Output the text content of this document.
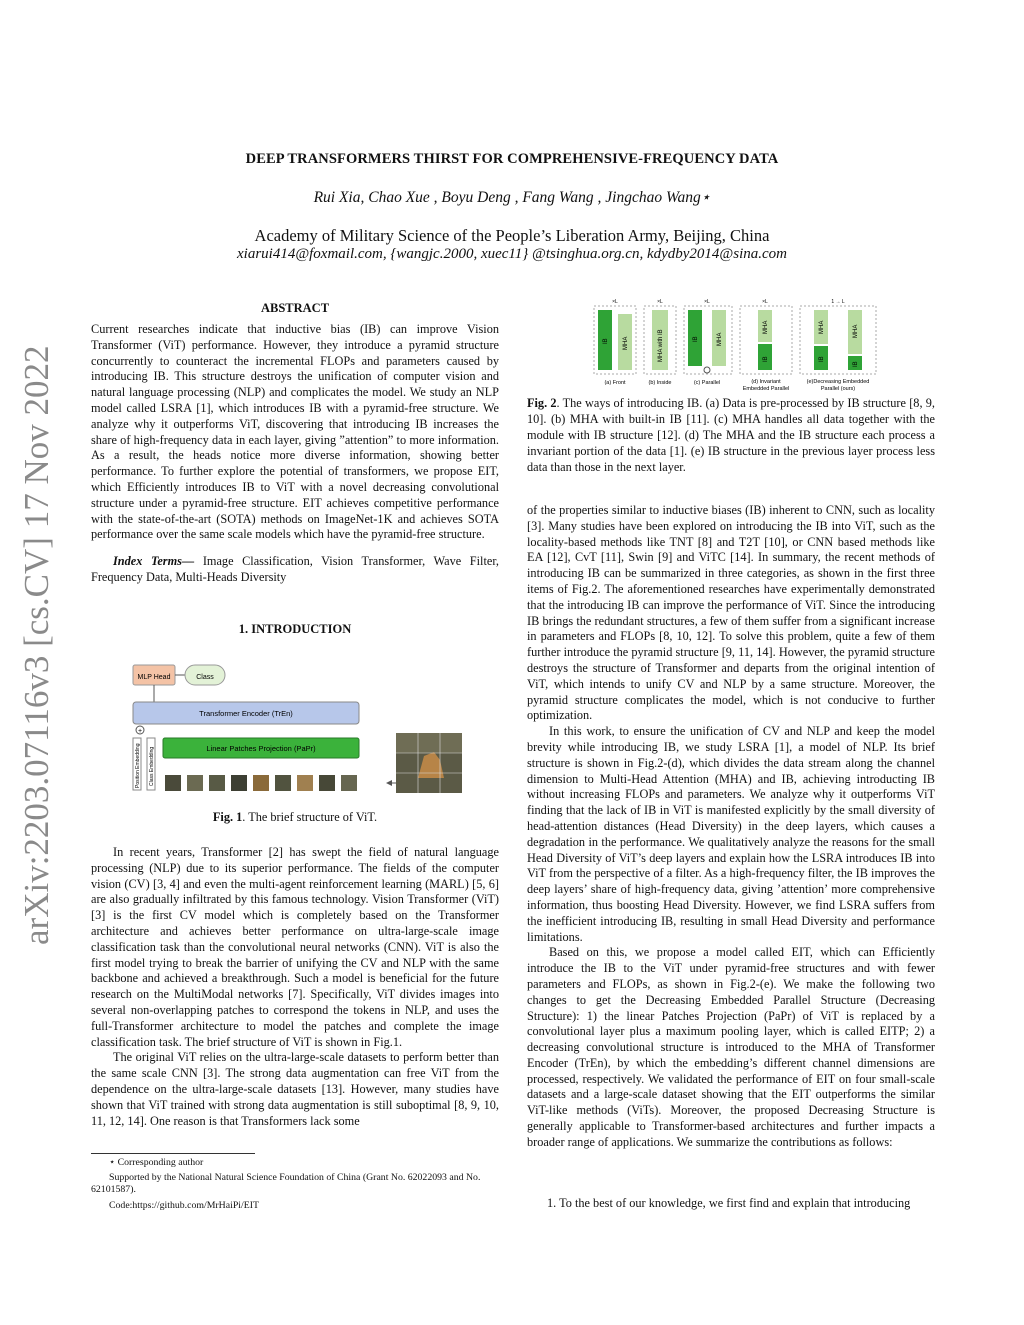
arXiv:2203.07116v3 [cs.CV] 17 Nov 2022
DEEP TRANSFORMERS THIRST FOR COMPREHENSIVE-FREQUENCY DATA
Rui Xia, Chao Xue , Boyu Deng , Fang Wang , Jingchao Wang⋆
Academy of Military Science of the People’s Liberation Army, Beijing, China
xiarui414@foxmail.com, {wangjc.2000, xuec11} @tsinghua.org.cn, kdydby2014@sina.com
ABSTRACT

Current researches indicate that inductive bias (IB) can improve Vision Transformer (ViT) performance. However, they introduce a pyramid structure concurrently to counteract the incremental FLOPs and parameters caused by introducing IB. This structure destroys the unification of computer vision and natural language processing (NLP) and complicates the model. We study an NLP model called LSRA [1], which introduces IB with a pyramid-free structure. We analyze why it outperforms ViT, discovering that introducing IB increases the share of high-frequency data in each layer, giving ”attention” to more information. As a result, the heads notice more diverse information, showing better performance. To further explore the potential of transformers, we propose EIT, which Efficiently introduces IB to ViT with a novel decreasing convolutional structure under a pyramid-free structure. EIT achieves competitive performance with the state-of-the-art (SOTA) methods on ImageNet-1K and achieves SOTA performance over the same scale models which have the pyramid-free structure.

Index Terms— Image Classification, Vision Transformer, Wave Filter, Frequency Data, Multi-Heads Diversity

1. INTRODUCTION
MLP Head	Class
Transformer Encoder (TrEn)
+
Position Embedding Class Embedding	Linear Patches Projection (PaPr)
Fig. 1. The brief structure of ViT.

In recent years, Transformer [2] has swept the field of natural language processing (NLP) due to its superior performance. The fields of the computer vision (CV) [3, 4] and even the multi-agent reinforcement learning (MARL) [5, 6] are also gradually infiltrated by this famous technology. Vision Transformer (ViT) [3] is the first CV model which is completely based on the Transformer architecture and achieves better performance on ultra-large-scale image classification task than the convolutional neural networks (CNN). ViT is also the first model trying to break the barrier of unifying the CV and NLP with the same backbone and achieved a breakthrough. Such a model is beneficial for the future research on the MultiModal networks [7]. Specifically, ViT divides images into several non-overlapping patches to correspond the tokens in NLP, and uses the full-Transformer architecture to model the patches and complete the image classification task. The brief structure of ViT is shown in Fig.1.

The original ViT relies on the ultra-large-scale datasets to perform better than the same scale CNN [3]. The strong data augmentation can free ViT from the dependence on the ultra-large-scale datasets [13]. However, many studies have shown that ViT trained with strong data augmentation is still suboptimal [8, 9, 10, 11, 12, 14]. One reason is that Transformers lack some

⋆ Corresponding author
Supported by the National Natural Science Foundation of China (Grant No. 62022093 and No. 62101587).
Code:https://github.com/MrHaiPi/EIT
×L	×L	×L	×L	1 → L
IB MHA	MHA with IB	IB	MHA
MHA
IB
MHA
IB
MHA
IB
(a) Front	(b) Inside	(c) Parallel	(d) Invariant
Embedded Parallel
(e)Decreasing Embedded
Parallel (ours)
Fig. 2. The ways of introducing IB. (a) Data is pre-processed by IB structure [8, 9, 10]. (b) MHA with built-in IB [11]. (c) MHA handles all data together with the module with IB structure [12]. (d) The MHA and the IB structure each process a invariant portion of the data [1]. (e) IB structure in the previous layer process less data than those in the next layer.

of the properties similar to inductive biases (IB) inherent to CNN, such as locality [3]. Many studies have been explored on introducing the IB into ViT, such as the locality-based methods like TNT [8] and T2T [10], or CNN based methods like EA [12], CvT [11], Swin [9] and ViTC [14]. In summary, the recent methods of introducing IB can be summarized in three categories, as shown in the first three items of Fig.2. The aforementioned researches have experimentally demonstrated that the introducing IB can improve the performance of ViT. Since the introducing IB brings the redundant structures, a few of them suffer from a significant increase in parameters and FLOPs [8, 10, 12]. To solve this problem, quite a few of them further introduce the pyramid structure [9, 11, 14]. However, the pyramid structure destroys the structure of Transformer and departs from the original intention of ViT, which intends to unify CV and NLP by a same structure. Moreover, the pyramid structure complicates the model, which is not conducive to further optimization.

In this work, to ensure the unification of CV and NLP and keep the model brevity while introducing IB, we study LSRA [1], a model of NLP. Its brief structure is shown in Fig.2-(d), which divides the data stream along the channel dimension to Multi-Head Attention (MHA) and IB, achieving introducting IB without increasing FLOPs and parameters. We analyze why it outperforms ViT finding that the lack of IB in ViT is manifested explicitly by the small diversity of head-attention distances (Head Diversity) in the deep layers, which causes a degradation in the performance. We qualitatively analyze the reasons for the small Head Diversity of ViT’s deep layers and explain how the LSRA introduces IB into ViT from the perspective of a filter. As a high-frequency filter, the IB improves the deep layers’ share of high-frequency data, giving ’attention’ more comprehensive information, thus boosting Head Diversity. However, we find LSRA suffers from the inefficient introducing IB, resulting in small Head Diversity and performance limitations.

Based on this, we propose a model called EIT, which can Efficiently introduce the IB to the ViT under pyramid-free structures and with fewer parameters and FLOPs, as shown in Fig.2-(e). We make the following two changes to get the Decreasing Embedded Parallel Structure (Decreasing Structure): 1) the linear Patches Projection (PaPr) of ViT is replaced by a convolutional layer plus a maximum pooling layer, which is called EITP; 2) a decreasing convolutional structure is introduced to the MHA of Transformer Encoder (TrEn), by which the embedding’s different channel dimensions are processed, respectively. We validated the performance of EIT on four small-scale datasets and a large-scale dataset showing that the EIT outperforms the similar ViT-like methods (ViTs). Moreover, the proposed Decreasing Structure is generally applicable to Transformer-based architectures and further impacts a broader range of applications. We summarize the contributions as follows:

1. To the best of our knowledge, we first find and explain that introducing
